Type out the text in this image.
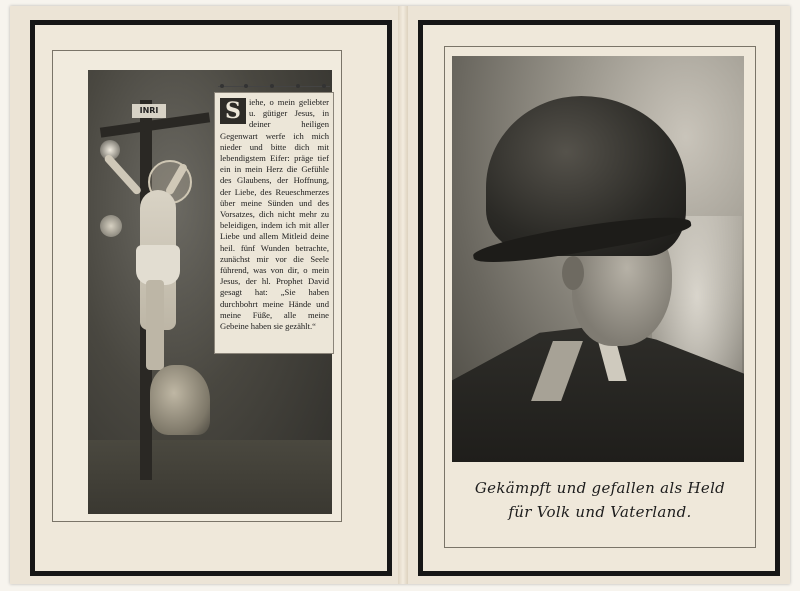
INRI	S iehe, o mein geliebter u. gütiger Jesus, in deiner heiligen Gegenwart werfe ich mich nieder und bitte dich mit lebendigstem Eifer: präge tief ein in mein Herz die Gefühle des Glaubens, der Hoffnung, der Liebe, des Reueschmerzes über meine Sünden und des Vorsatzes, dich nicht mehr zu beleidigen, indem ich mit aller Liebe und allem Mitleid deine heil. fünf Wunden betrachte, zunächst mir vor die Seele führend, was von dir, o mein Jesus, der hl. Prophet David gesagt hat: „Sie haben durchbohrt meine Hände und meine Füße, alle meine Gebeine haben sie gezählt.“
Gekämpft und gefallen als Held
für Volk und Vaterland.
